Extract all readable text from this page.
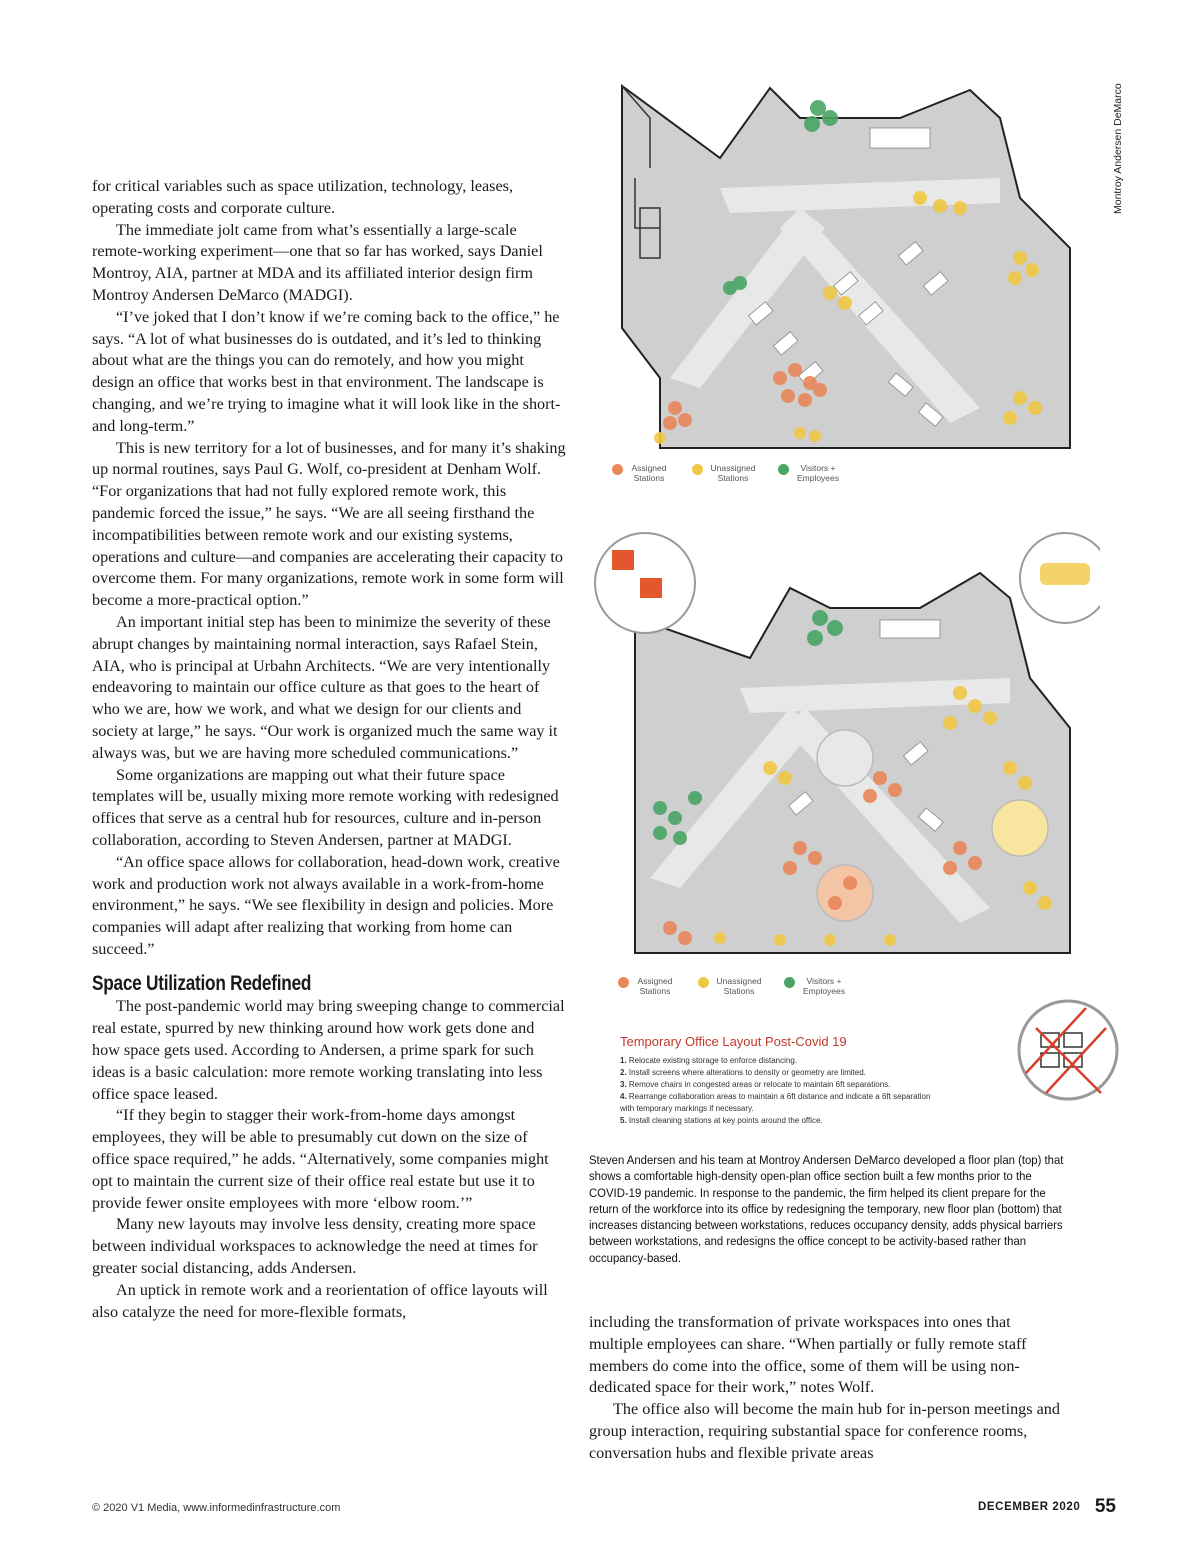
for critical variables such as space utilization, technology, leases, operating costs and corporate culture.

The immediate jolt came from what’s essentially a large-scale remote-working experiment—one that so far has worked, says Daniel Montroy, AIA, partner at MDA and its affiliated interior design firm Montroy Andersen DeMarco (MADGI).

“I’ve joked that I don’t know if we’re coming back to the office,” he says. “A lot of what businesses do is outdated, and it’s led to thinking about what are the things you can do remotely, and how you might design an office that works best in that environment. The landscape is changing, and we’re trying to imagine what it will look like in the short- and long-term.”

This is new territory for a lot of businesses, and for many it’s shaking up normal routines, says Paul G. Wolf, co-president at Denham Wolf. “For organizations that had not fully explored remote work, this pandemic forced the issue,” he says. “We are all seeing firsthand the incompatibilities between remote work and our existing systems, operations and culture—and companies are accelerating their capacity to overcome them. For many organizations, remote work in some form will become a more-practical option.”

An important initial step has been to minimize the severity of these abrupt changes by maintaining normal interaction, says Rafael Stein, AIA, who is principal at Urbahn Architects. “We are very intentionally endeavoring to maintain our office culture as that goes to the heart of who we are, how we work, and what we design for our clients and society at large,” he says. “Our work is organized much the same way it always was, but we are having more scheduled communications.”

Some organizations are mapping out what their future space templates will be, usually mixing more remote working with redesigned offices that serve as a central hub for resources, culture and in-person collaboration, according to Steven Andersen, partner at MADGI.

“An office space allows for collaboration, head-down work, creative work and production work not always available in a work-from-home environment,” he says. “We see flexibility in design and policies. More companies will adapt after realizing that working from home can succeed.”

Space Utilization Redefined

The post-pandemic world may bring sweeping change to commercial real estate, spurred by new thinking around how work gets done and how space gets used. According to Andersen, a prime spark for such ideas is a basic calculation: more remote working translating into less office space leased.

“If they begin to stagger their work-from-home days amongst employees, they will be able to presumably cut down on the size of office space required,” he adds. “Alternatively, some companies might opt to maintain the current size of their office real estate but use it to provide fewer onsite employees with more ‘elbow room.’”

Many new layouts may involve less density, creating more space between individual workspaces to acknowledge the need at times for greater social distancing, adds Andersen.

An uptick in remote work and a reorientation of office layouts will also catalyze the need for more-flexible formats,

Montroy Andersen DeMarco
Assigned Stations
Unassigned Stations
Visitors + Employees
Assigned Stations
Unassigned Stations
Visitors + Employees
Temporary Office Layout Post-Covid 19
1. Relocate existing storage to enforce distancing.
2. Install screens where alterations to density or geometry are limited.
3. Remove chairs in congested areas or relocate to maintain 6ft separations.
4. Rearrange collaboration areas to maintain a 6ft distance and indicate a 6ft separation with temporary markings if necessary.
5. Install cleaning stations at key points around the office.
Steven Andersen and his team at Montroy Andersen DeMarco developed a floor plan (top) that shows a comfortable high-density open-plan office section built a few months prior to the COVID-19 pandemic. In response to the pandemic, the firm helped its client prepare for the return of the workforce into its office by redesigning the temporary, new floor plan (bottom) that increases distancing between workstations, reduces occupancy density, adds physical barriers between workstations, and redesigns the office concept to be activity-based rather than occupancy-based.

including the transformation of private workspaces into ones that multiple employees can share. “When partially or fully remote staff members do come into the office, some of them will be using non-dedicated space for their work,” notes Wolf.

The office also will become the main hub for in-person meetings and group interaction, requiring substantial space for conference rooms, conversation hubs and flexible private areas

© 2020 V1 Media, www.informedinfrastructure.com	DECEMBER 2020 55
